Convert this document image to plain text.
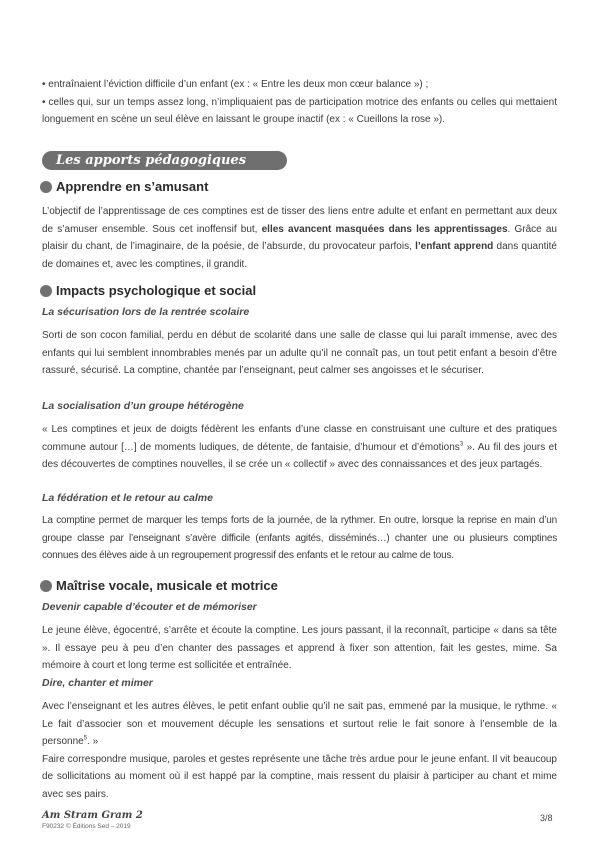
• entraînaient l’éviction difficile d’un enfant (ex : « Entre les deux mon cœur balance ») ;

• celles qui, sur un temps assez long, n’impliquaient pas de participation motrice des enfants ou celles qui mettaient longuement en scène un seul élève en laissant le groupe inactif (ex : « Cueillons la rose »).

Les apports pédagogiques
Apprendre en s’amusant

L’objectif de l’apprentissage de ces comptines est de tisser des liens entre adulte et enfant en permettant aux deux de s’amuser ensemble. Sous cet inoffensif but, elles avancent masquées dans les apprentissages. Grâce au plaisir du chant, de l’imaginaire, de la poésie, de l’absurde, du provocateur parfois, l’enfant apprend dans quantité de domaines et, avec les comptines, il grandit.

Impacts psychologique et social
La sécurisation lors de la rentrée scolaire

Sorti de son cocon familial, perdu en début de scolarité dans une salle de classe qui lui paraît immense, avec des enfants qui lui semblent innombrables menés par un adulte qu’il ne connaît pas, un tout petit enfant a besoin d’être rassuré, sécurisé. La comptine, chantée par l’enseignant, peut calmer ses angoisses et le sécuriser.

La socialisation d’un groupe hétérogène

« Les comptines et jeux de doigts fédèrent les enfants d’une classe en construisant une culture et des pratiques commune autour […] de moments ludiques, de détente, de fantaisie, d’humour et d’émotions$^3$ ». Au fil des jours et des découvertes de comptines nouvelles, il se crée un « collectif » avec des connaissances et des jeux partagés.

La fédération et le retour au calme

La comptine permet de marquer les temps forts de la journée, de la rythmer. En outre, lorsque la reprise en main d’un groupe classe par l’enseignant s’avère difficile (enfants agités, disséminés…) chanter une ou plusieurs comptines connues des élèves aide à un regroupement progressif des enfants et le retour au calme de tous.

Maîtrise vocale, musicale et motrice
Devenir capable d’écouter et de mémoriser

Le jeune élève, égocentré, s’arrête et écoute la comptine. Les jours passant, il la reconnaît, participe « dans sa tête ». Il essaye peu à peu d’en chanter des passages et apprend à fixer son attention, fait les gestes, mime. Sa mémoire à court et long terme est sollicitée et entraînée.

Dire, chanter et mimer

Avec l’enseignant et les autres élèves, le petit enfant oublie qu’il ne sait pas, emmené par la musique, le rythme. « Le fait d’associer son et mouvement décuple les sensations et surtout relie le fait sonore à l’ensemble de la personne$^5$. »

Faire correspondre musique, paroles et gestes représente une tâche très ardue pour le jeune enfant. Il vit beaucoup de sollicitations au moment où il est happé par la comptine, mais ressent du plaisir à participer au chant et mime avec ses pairs.

Am Stram Gram 2
F90232 © Éditions Sed – 2019
3/8
